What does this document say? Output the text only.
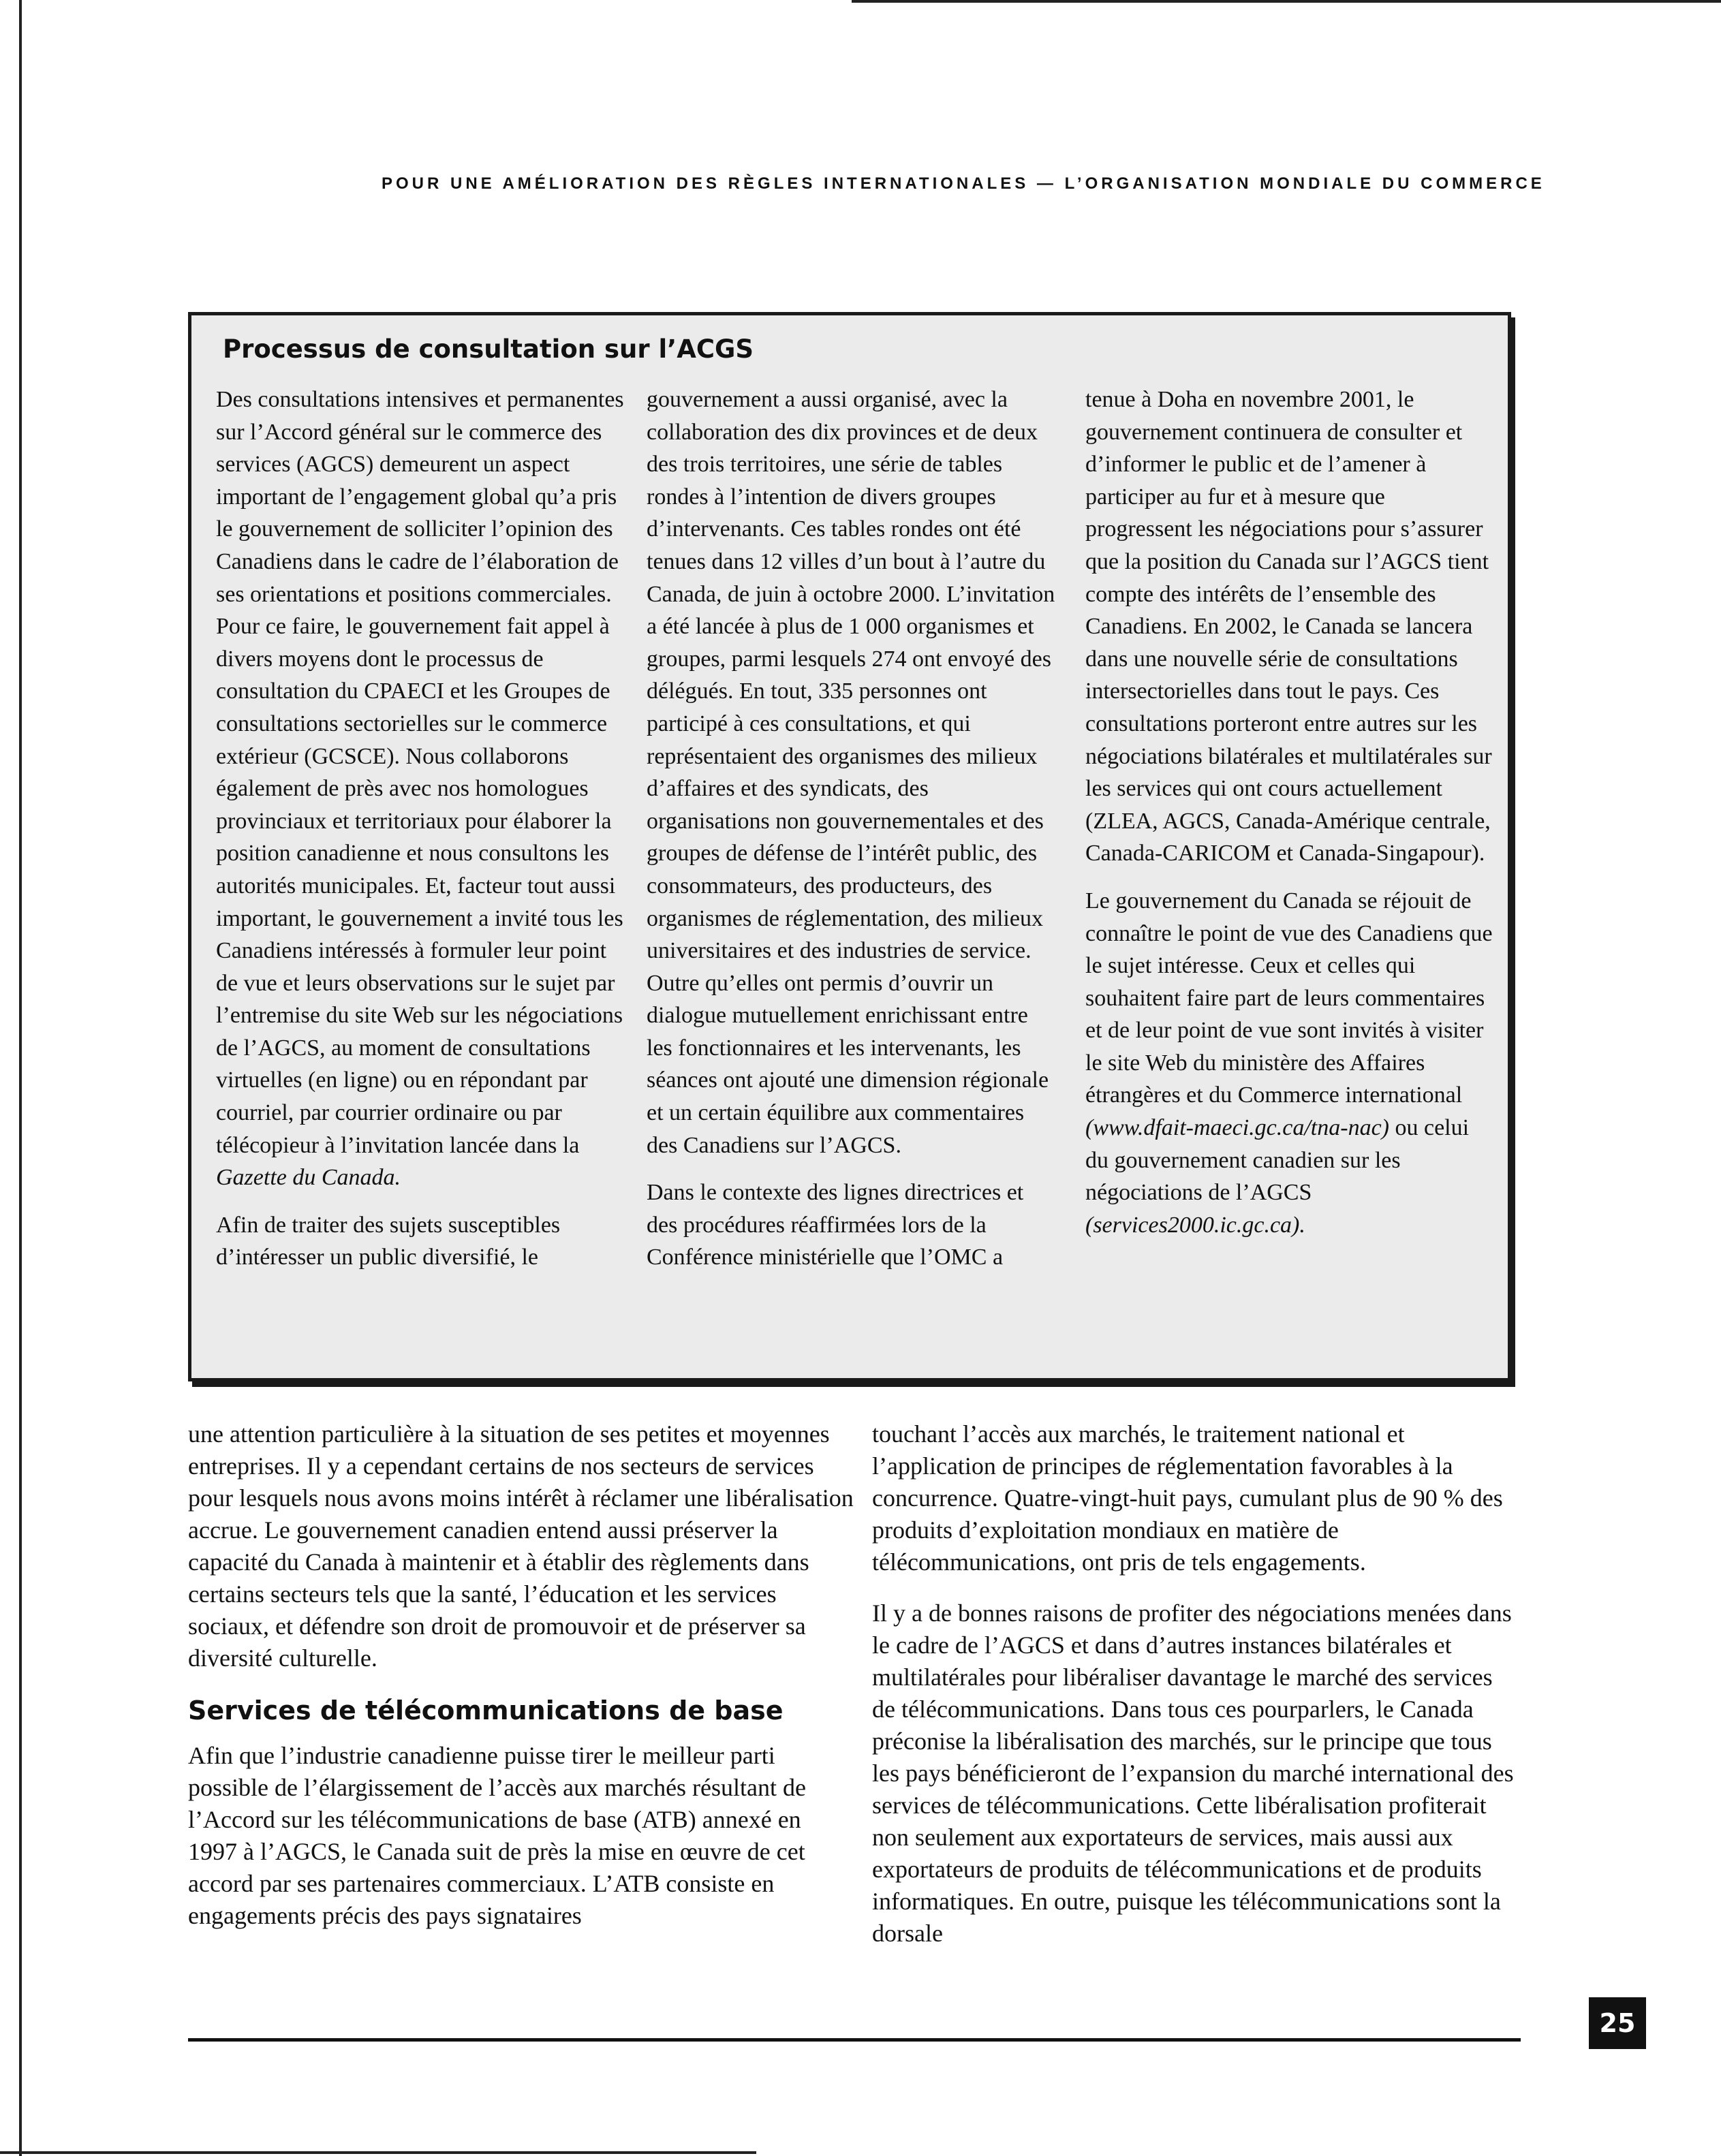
POUR UNE AMÉLIORATION DES RÈGLES INTERNATIONALES — L’ORGANISATION MONDIALE DU COMMERCE
Processus de consultation sur l’ACGS

Des consultations intensives et permanentes sur l’Accord général sur le commerce des services (AGCS) demeurent un aspect important de l’engagement global qu’a pris le gouvernement de solliciter l’opinion des Canadiens dans le cadre de l’élaboration de ses orientations et positions commerciales. Pour ce faire, le gouvernement fait appel à divers moyens dont le processus de consultation du CPAECI et les Groupes de consultations sectorielles sur le commerce extérieur (GCSCE). Nous collaborons également de près avec nos homologues provinciaux et territoriaux pour élaborer la position canadienne et nous consultons les autorités municipales. Et, facteur tout aussi important, le gouvernement a invité tous les Canadiens intéressés à formuler leur point de vue et leurs observations sur le sujet par l’entremise du site Web sur les négociations de l’AGCS, au moment de consultations virtuelles (en ligne) ou en répondant par courriel, par courrier ordinaire ou par télécopieur à l’invitation lancée dans la Gazette du Canada.

Afin de traiter des sujets susceptibles d’intéresser un public diversifié, le

gouvernement a aussi organisé, avec la collaboration des dix provinces et de deux des trois territoires, une série de tables rondes à l’intention de divers groupes d’intervenants. Ces tables rondes ont été tenues dans 12 villes d’un bout à l’autre du Canada, de juin à octobre 2000. L’invitation a été lancée à plus de 1 000 organismes et groupes, parmi lesquels 274 ont envoyé des délégués. En tout, 335 personnes ont participé à ces consultations, et qui représentaient des organismes des milieux d’affaires et des syndicats, des organisations non gouvernementales et des groupes de défense de l’intérêt public, des consommateurs, des producteurs, des organismes de réglementation, des milieux universitaires et des industries de service. Outre qu’elles ont permis d’ouvrir un dialogue mutuellement enrichissant entre les fonctionnaires et les intervenants, les séances ont ajouté une dimension régionale et un certain équilibre aux commentaires des Canadiens sur l’AGCS.

Dans le contexte des lignes directrices et des procédures réaffirmées lors de la Conférence ministérielle que l’OMC a

tenue à Doha en novembre 2001, le gouvernement continuera de consulter et d’informer le public et de l’amener à participer au fur et à mesure que progressent les négociations pour s’assurer que la position du Canada sur l’AGCS tient compte des intérêts de l’ensemble des Canadiens. En 2002, le Canada se lancera dans une nouvelle série de consultations intersectorielles dans tout le pays. Ces consultations porteront entre autres sur les négociations bilatérales et multilatérales sur les services qui ont cours actuellement (ZLEA, AGCS, Canada-Amérique centrale, Canada-CARICOM et Canada-Singapour).

Le gouvernement du Canada se réjouit de connaître le point de vue des Canadiens que le sujet intéresse. Ceux et celles qui souhaitent faire part de leurs commentaires et de leur point de vue sont invités à visiter le site Web du ministère des Affaires étrangères et du Commerce international (www.dfait-maeci.gc.ca/tna-nac) ou celui du gouvernement canadien sur les négociations de l’AGCS (services2000.ic.gc.ca).

une attention particulière à la situation de ses petites et moyennes entreprises. Il y a cependant certains de nos secteurs de services pour lesquels nous avons moins intérêt à réclamer une libéralisation accrue. Le gouvernement canadien entend aussi préserver la capacité du Canada à maintenir et à établir des règlements dans certains secteurs tels que la santé, l’éducation et les services sociaux, et défendre son droit de promouvoir et de préserver sa diversité culturelle.

Services de télécommunications de base

Afin que l’industrie canadienne puisse tirer le meilleur parti possible de l’élargissement de l’accès aux marchés résultant de l’Accord sur les télécommunications de base (ATB) annexé en 1997 à l’AGCS, le Canada suit de près la mise en œuvre de cet accord par ses partenaires commerciaux. L’ATB consiste en engagements précis des pays signataires

touchant l’accès aux marchés, le traitement national et l’application de principes de réglementation favorables à la concurrence. Quatre-vingt-huit pays, cumulant plus de 90 % des produits d’exploitation mondiaux en matière de télécommunications, ont pris de tels engagements.

Il y a de bonnes raisons de profiter des négociations menées dans le cadre de l’AGCS et dans d’autres instances bilatérales et multilatérales pour libéraliser davantage le marché des services de télécommunications. Dans tous ces pourparlers, le Canada préconise la libéralisation des marchés, sur le principe que tous les pays bénéficieront de l’expansion du marché international des services de télécommunications. Cette libéralisation profiterait non seulement aux exportateurs de services, mais aussi aux exportateurs de produits de télécommunications et de produits informatiques. En outre, puisque les télécommunications sont la dorsale

25
